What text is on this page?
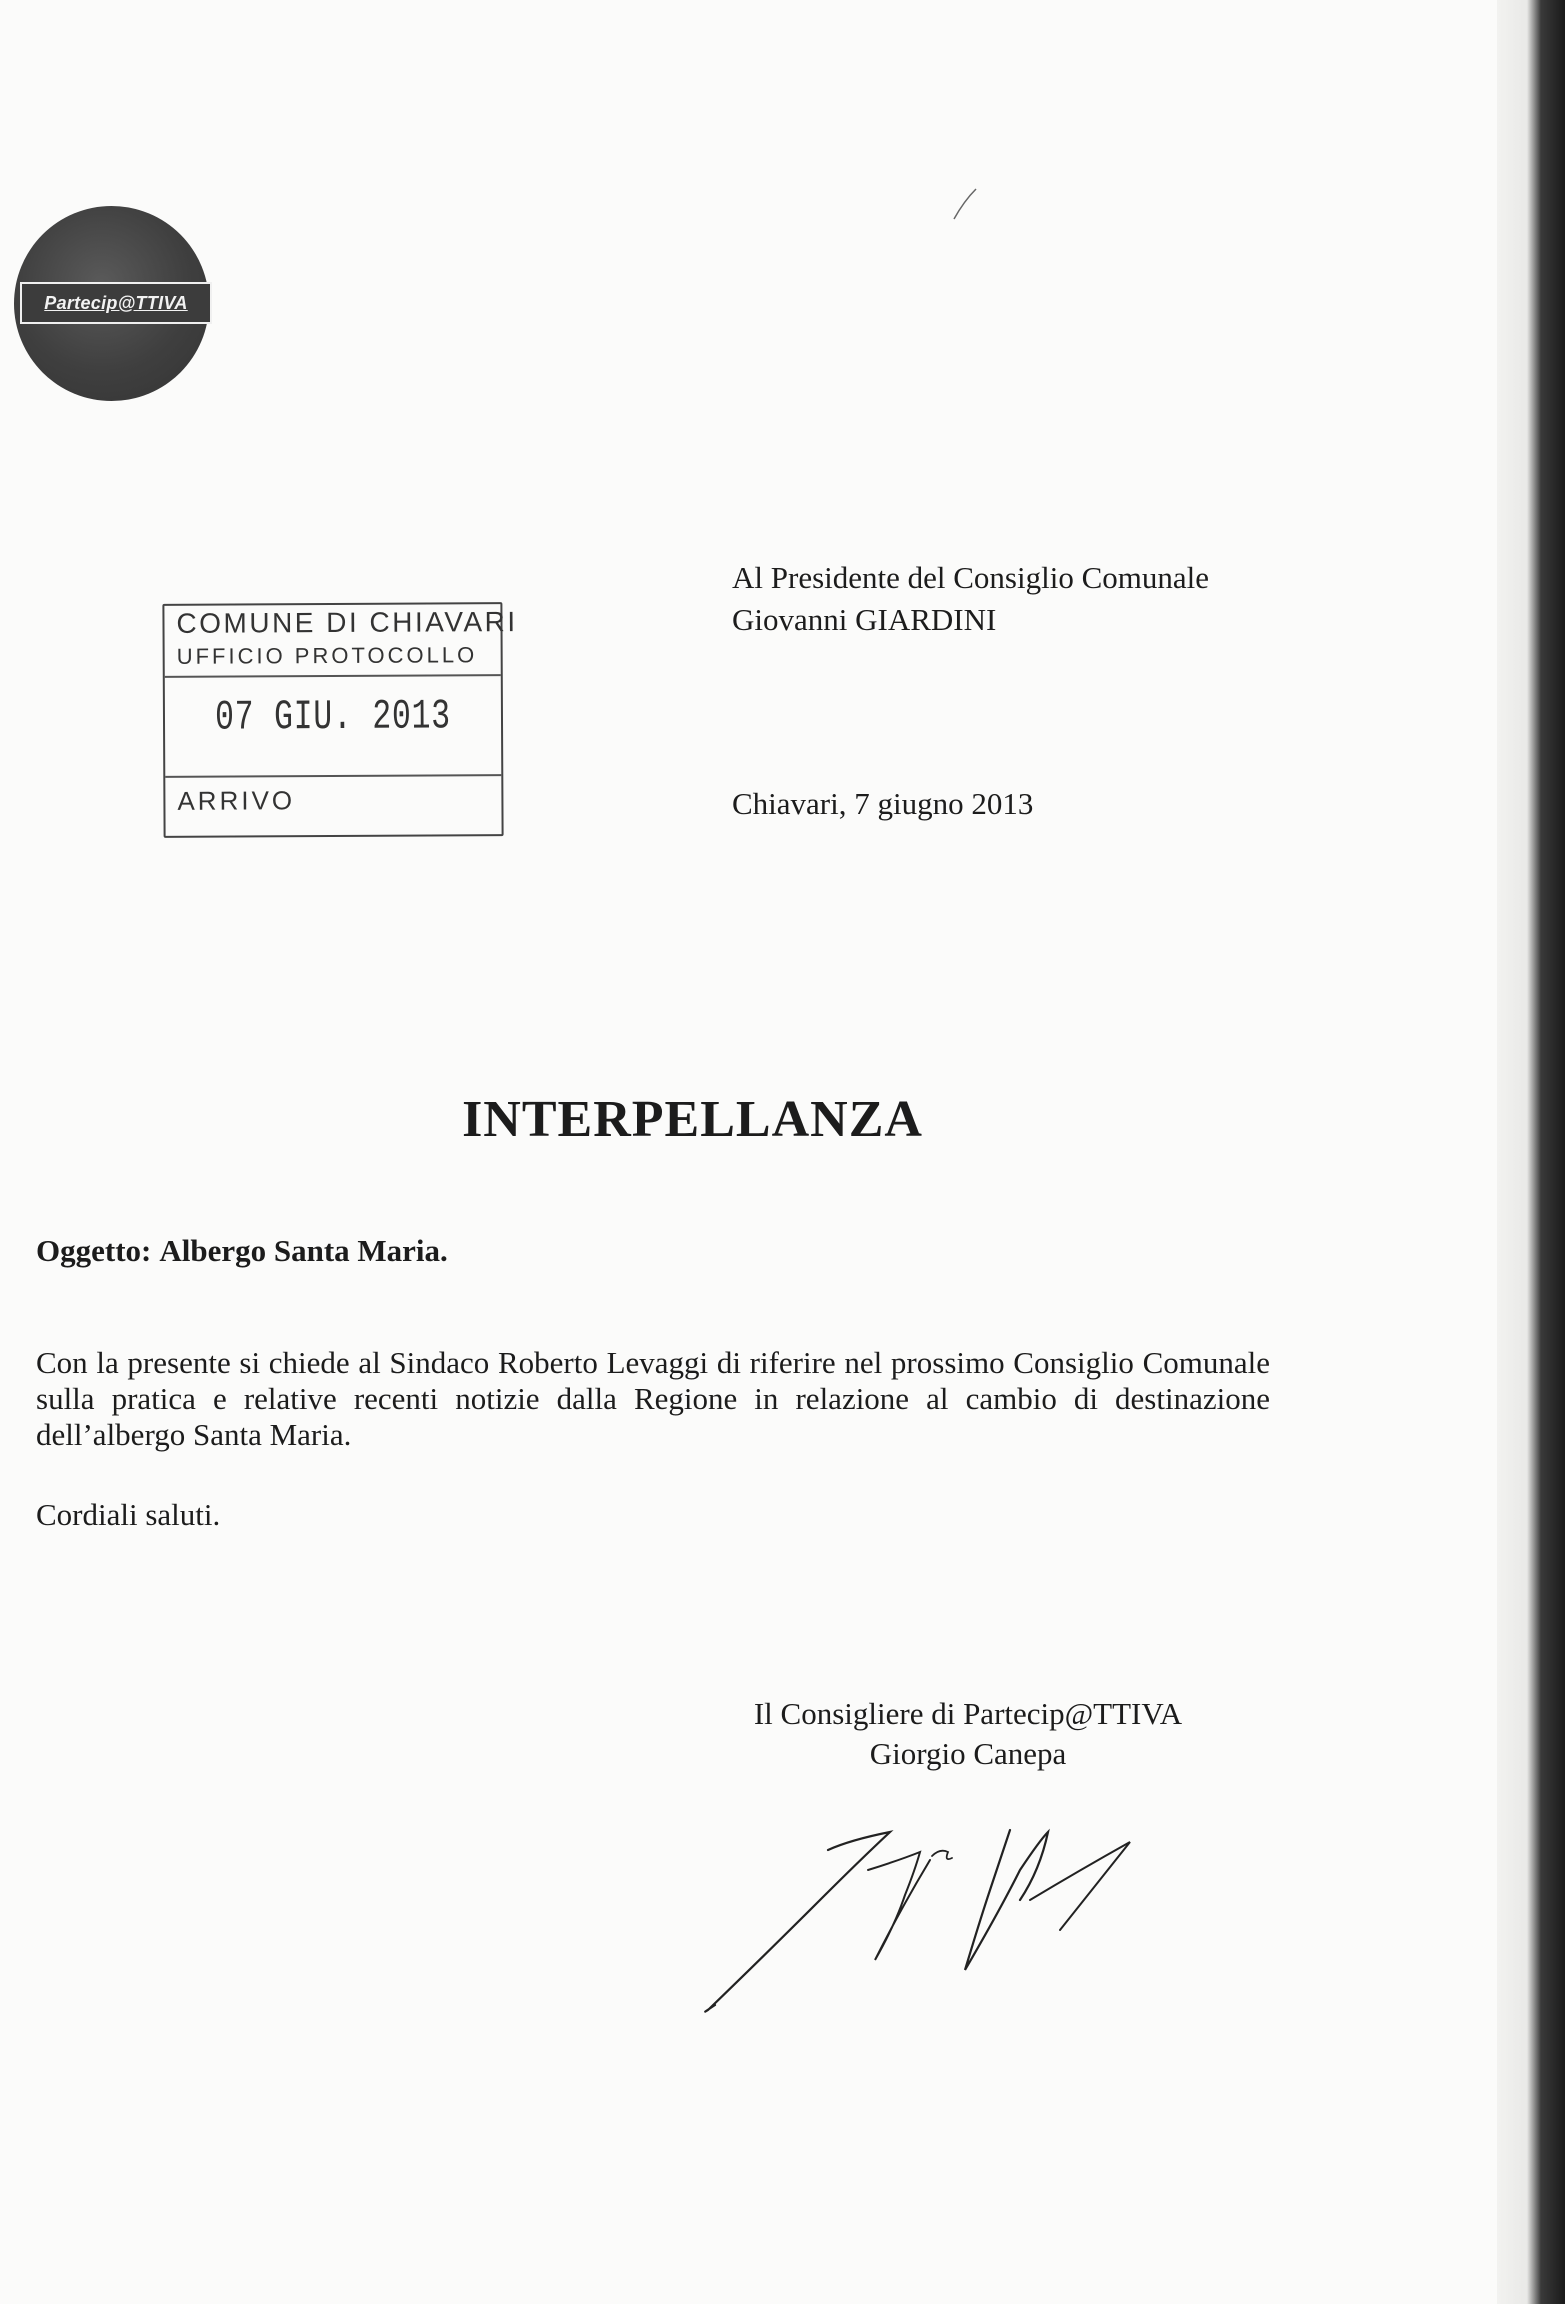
Partecip@TTIVA
Al Presidente del Consiglio Comunale
Giovanni GIARDINI
COMUNE DI CHIAVARI
UFFICIO PROTOCOLLO
07 GIU. 2013
ARRIVO	Chiavari, 7 giugno 2013
INTERPELLANZA
Oggetto: Albergo Santa Maria.
Con la presente si chiede al Sindaco Roberto Levaggi di riferire nel prossimo Consiglio Comunale sulla pratica e relative recenti notizie dalla Regione in relazione al cambio di destinazione dell’albergo Santa Maria.
Cordiali saluti.
Il Consigliere di Partecip@TTIVA
Giorgio Canepa
